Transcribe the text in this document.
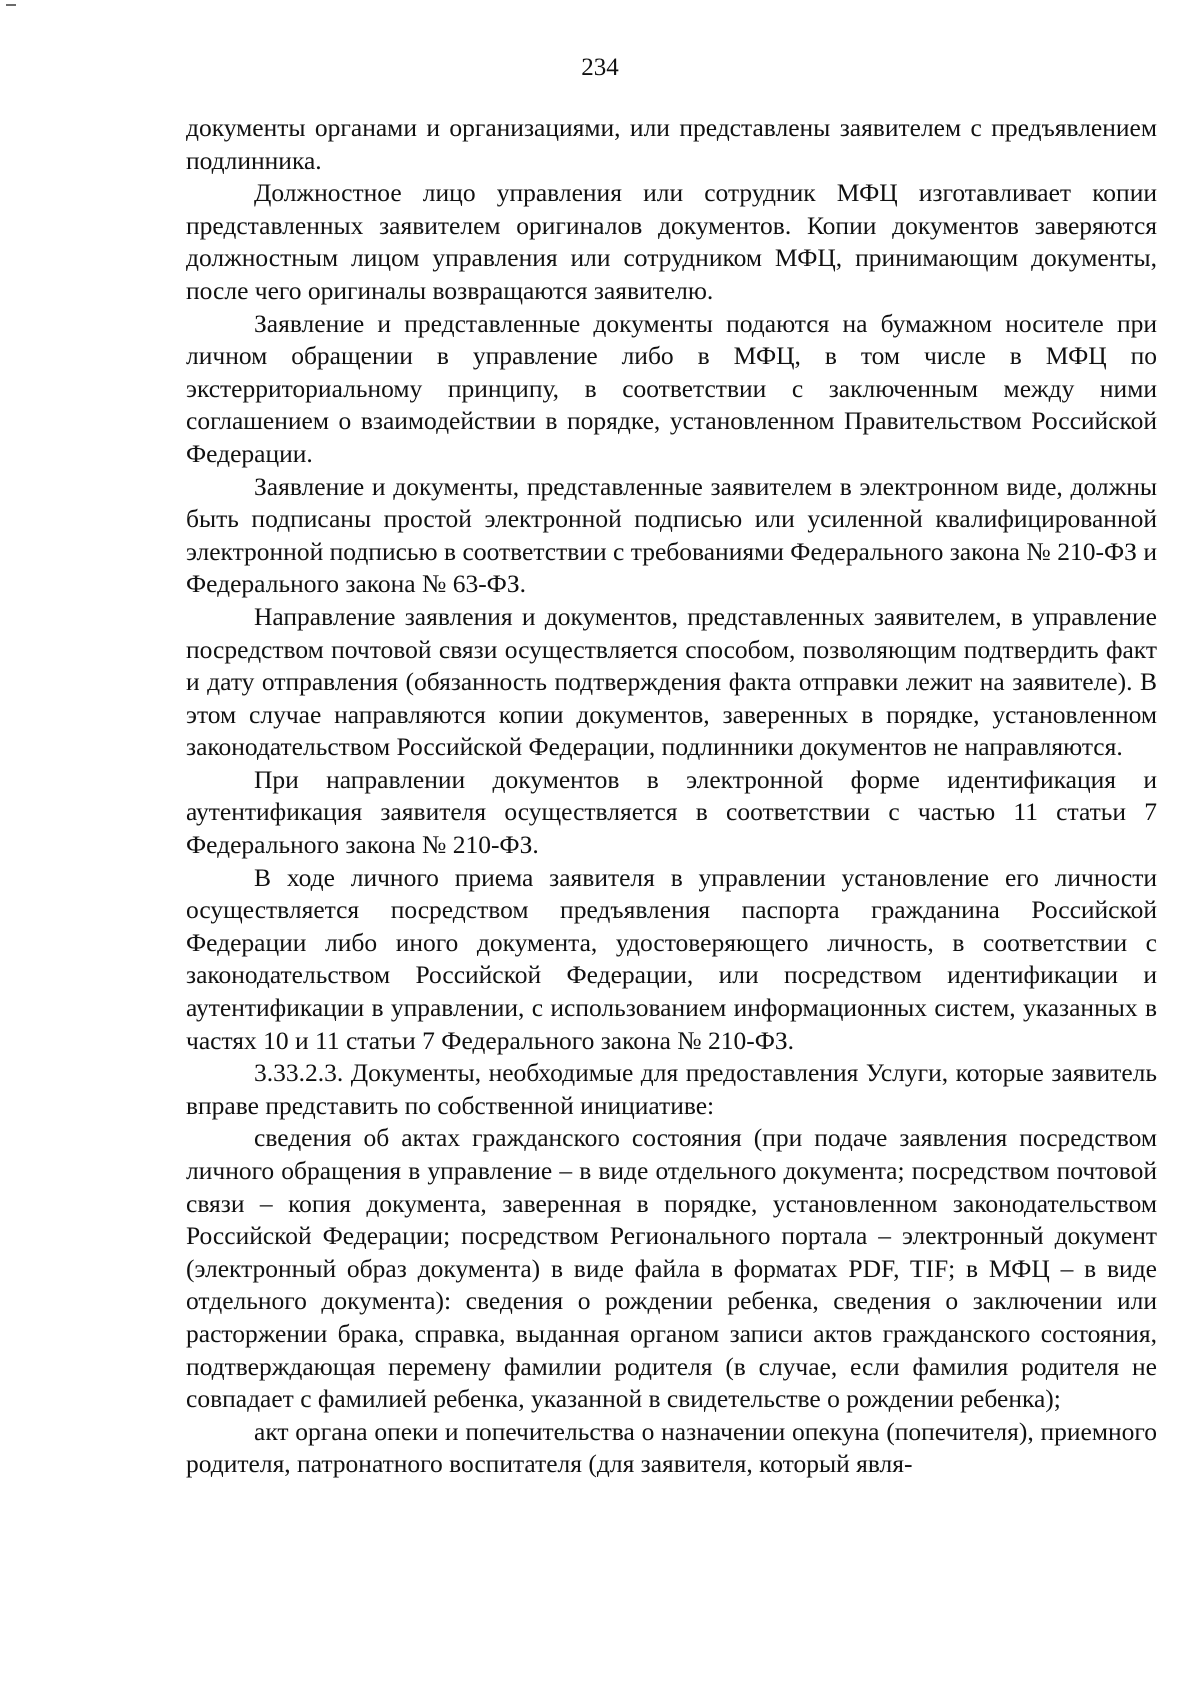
234

документы органами и организациями, или представлены заявителем с предъявлением подлинника.

Должностное лицо управления или сотрудник МФЦ изготавливает копии представленных заявителем оригиналов документов. Копии документов заверяются должностным лицом управления или сотрудником МФЦ, принимающим документы, после чего оригиналы возвращаются заявителю.

Заявление и представленные документы подаются на бумажном носителе при личном обращении в управление либо в МФЦ, в том числе в МФЦ по экстерриториальному принципу, в соответствии с заключенным между ними соглашением о взаимодействии в порядке, установленном Правительством Российской Федерации.

Заявление и документы, представленные заявителем в электронном виде, должны быть подписаны простой электронной подписью или усиленной квалифицированной электронной подписью в соответствии с требованиями Федерального закона № 210-ФЗ и Федерального закона № 63-ФЗ.

Направление заявления и документов, представленных заявителем, в управление посредством почтовой связи осуществляется способом, позволяющим подтвердить факт и дату отправления (обязанность подтверждения факта отправки лежит на заявителе). В этом случае направляются копии документов, заверенных в порядке, установленном законодательством Российской Федерации, подлинники документов не направляются.

При направлении документов в электронной форме идентификация и аутентификация заявителя осуществляется в соответствии с частью 11 статьи 7 Федерального закона № 210-ФЗ.

В ходе личного приема заявителя в управлении установление его личности осуществляется посредством предъявления паспорта гражданина Российской Федерации либо иного документа, удостоверяющего личность, в соответствии с законодательством Российской Федерации, или посредством идентификации и аутентификации в управлении, с использованием информационных систем, указанных в частях 10 и 11 статьи 7 Федерального закона № 210-ФЗ.

3.33.2.3. Документы, необходимые для предоставления Услуги, которые заявитель вправе представить по собственной инициативе:

сведения об актах гражданского состояния (при подаче заявления посредством личного обращения в управление – в виде отдельного документа; посредством почтовой связи – копия документа, заверенная в порядке, установленном законодательством Российской Федерации; посредством Регионального портала – электронный документ (электронный образ документа) в виде файла в форматах PDF, TIF; в МФЦ – в виде отдельного документа): сведения о рождении ребенка, сведения о заключении или расторжении брака, справка, выданная органом записи актов гражданского состояния, подтверждающая перемену фамилии родителя (в случае, если фамилия родителя не совпадает с фамилией ребенка, указанной в свидетельстве о рождении ребенка);

акт органа опеки и попечительства о назначении опекуна (попечителя), приемного родителя, патронатного воспитателя (для заявителя, который явля-
